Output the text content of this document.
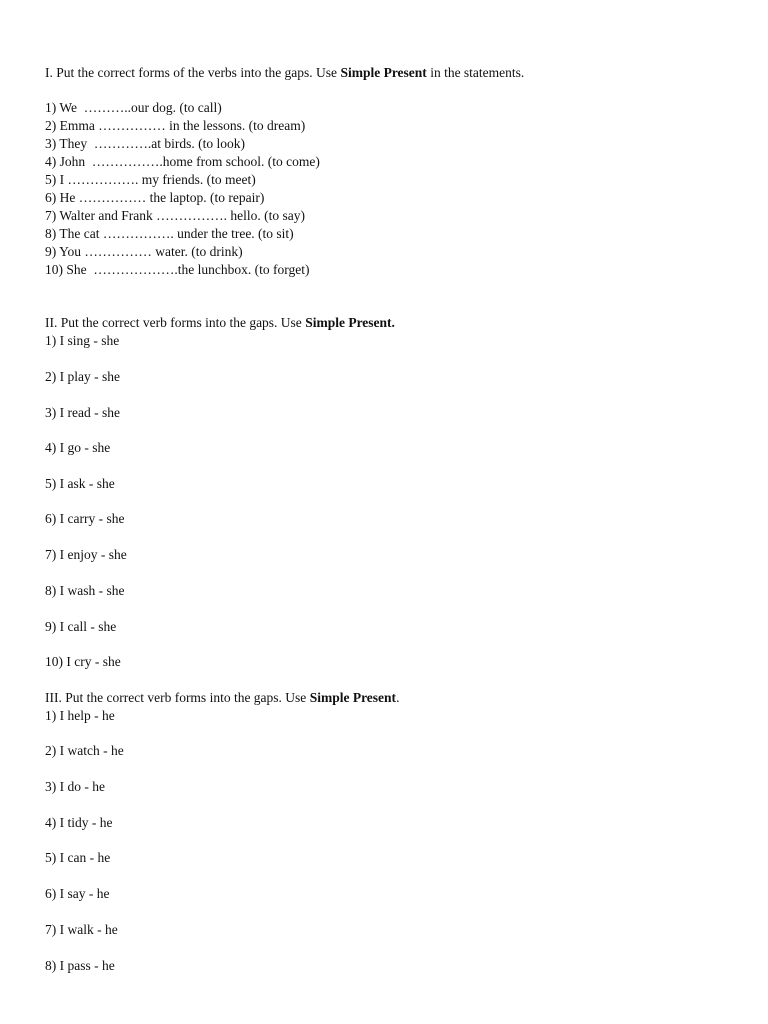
I. Put the correct forms of the verbs into the gaps. Use Simple Present in the statements.
1) We  ………..our dog. (to call)
2) Emma …………… in the lessons. (to dream)
3) They  ………….at birds. (to look)
4) John  …………….home from school. (to come)
5) I ……………. my friends. (to meet)
6) He …………… the laptop. (to repair)
7) Walter and Frank ……………. hello. (to say)
8) The cat ……………. under the tree. (to sit)
9) You …………… water. (to drink)
10) She  ……………….the lunchbox. (to forget)
II. Put the correct verb forms into the gaps. Use Simple Present.
1) I sing - she
2) I play - she
3) I read - she
4) I go - she
5) I ask - she
6) I carry - she
7) I enjoy - she
8) I wash - she
9) I call - she
10) I cry - she
III. Put the correct verb forms into the gaps. Use Simple Present.
1) I help - he
2) I watch - he
3) I do - he
4) I tidy - he
5) I can - he
6) I say - he
7) I walk - he
8) I pass - he
